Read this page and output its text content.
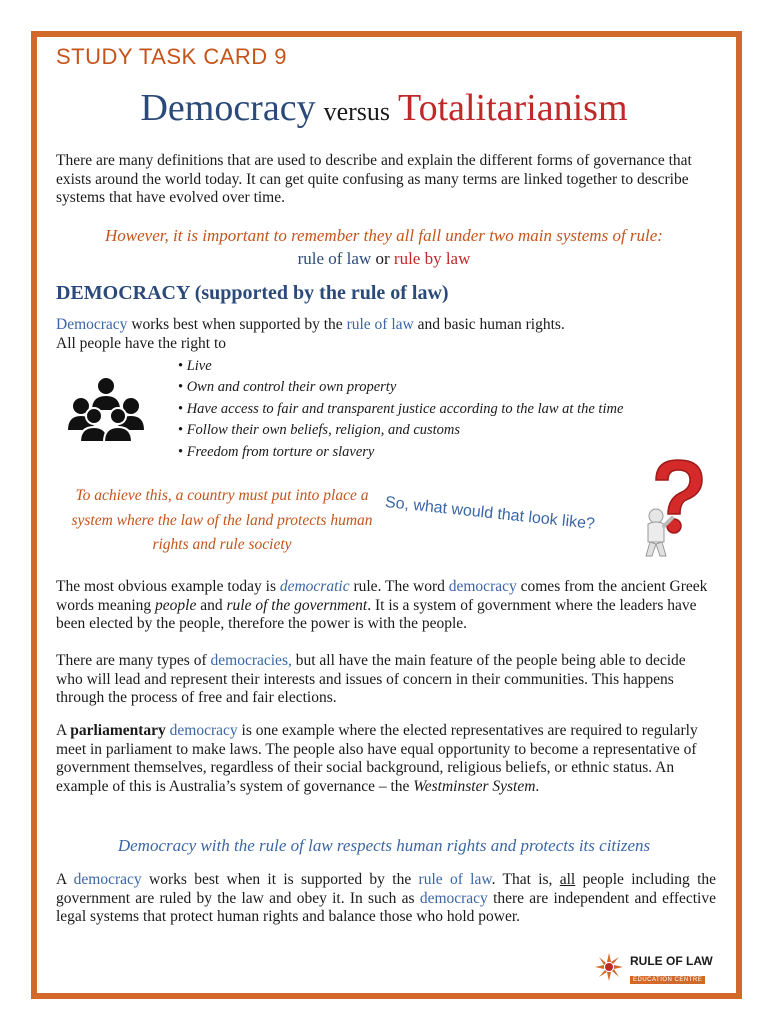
STUDY TASK CARD 9
Democracy versus Totalitarianism

There are many definitions that are used to describe and explain the different forms of governance that exists around the world today. It can get quite confusing as many terms are linked together to describe systems that have evolved over time.

However, it is important to remember they all fall under two main systems of rule:
rule of law or rule by law
DEMOCRACY (supported by the rule of law)

Democracy works best when supported by the rule of law and basic human rights.
All people have the right to

• Live
• Own and control their own property
• Have access to fair and transparent justice according to the law at the time
• Follow their own beliefs, religion, and customs
• Freedom from torture or slavery
To achieve this, a country must put into place a system where the law of the land protects human rights and rule society
So, what would that look like?

The most obvious example today is democratic rule. The word democracy comes from the ancient Greek words meaning people and rule of the government. It is a system of government where the leaders have been elected by the people, therefore the power is with the people.

There are many types of democracies, but all have the main feature of the people being able to decide who will lead and represent their interests and issues of concern in their communities. This happens through the process of free and fair elections.

A parliamentary democracy is one example where the elected representatives are required to regularly meet in parliament to make laws. The people also have equal opportunity to become a representative of government themselves, regardless of their social background, religious beliefs, or ethnic status. An example of this is Australia’s system of governance – the Westminster System.

Democracy with the rule of law respects human rights and protects its citizens

A democracy works best when it is supported by the rule of law. That is, all people including the government are ruled by the law and obey it. In such as democracy there are independent and effective legal systems that protect human rights and balance those who hold power.

RULE OF LAW
EDUCATION CENTRE
